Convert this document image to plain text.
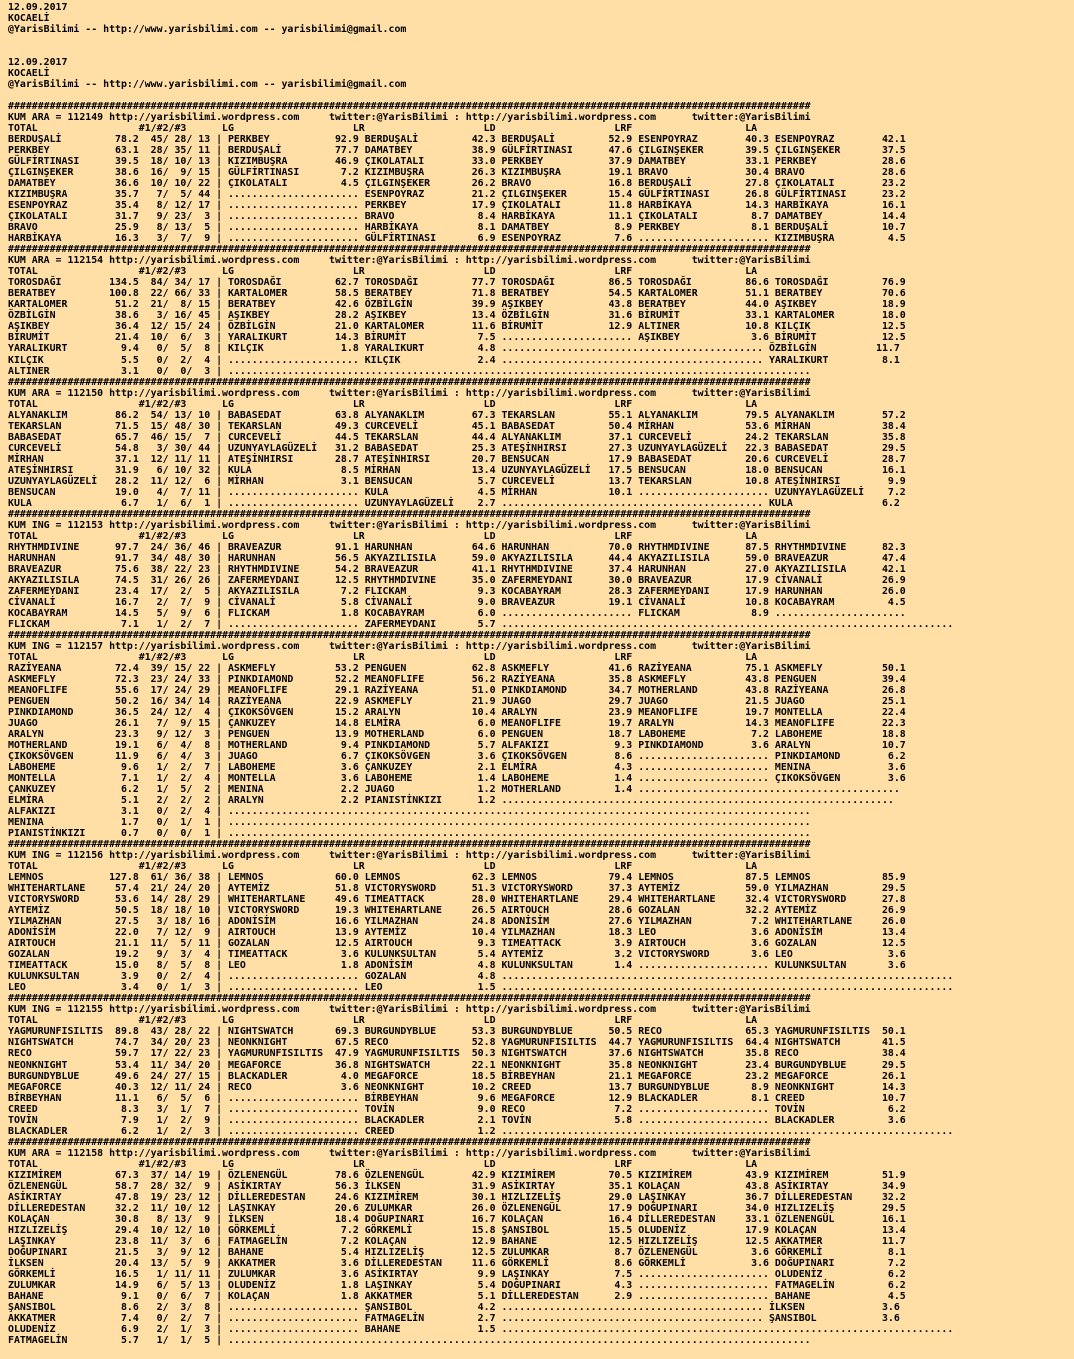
12.09.2017
KOCAELİ
@YarisBilimi -- http://www.yarisbilimi.com -- yarisbilimi@gmail.com

12.09.2017
KOCAELİ
@YarisBilimi -- http://www.yarisbilimi.com -- yarisbilimi@gmail.com

#######################################################################################################################################
KUM ARA = 112149 http://yarisbilimi.wordpress.com     twitter:@YarisBilimi : http://yarisbilimi.wordpress.com      twitter:@YarisBilimi
TOTAL                 #1/#2/#3      LG                    LR                    LD                    LRF                   LA
BERDUŞALİ         78.2  45/ 28/ 13 | PERKBEY           92.9 BERDUŞALİ         42.3 BERDUŞALİ         52.9 ESENPOYRAZ        40.3 ESENPOYRAZ        42.1
PERKBEY           63.1  28/ 35/ 11 | BERDUŞALİ         77.7 DAMATBEY          38.9 GÜLFİRTINASI      47.6 ÇILGINŞEKER       39.5 ÇILGINŞEKER       37.5
GÜLFİRTINASI      39.5  18/ 10/ 13 | KIZIMBUŞRA        46.9 ÇIKOLATALI        33.0 PERKBEY           37.9 DAMATBEY          33.1 PERKBEY           28.6
ÇILGINŞEKER       38.6  16/  9/ 15 | GÜLFİRTINASI       7.2 KIZIMBUŞRA        26.3 KIZIMBUŞRA        19.1 BRAVO             30.4 BRAVO             28.6
DAMATBEY          36.6  10/ 10/ 22 | ÇIKOLATALI         4.5 ÇILGINŞEKER       26.2 BRAVO             16.8 BERDUŞALİ         27.8 ÇIKOLATALI        23.2
KIZIMBUŞRA        35.7   7/  5/ 44 | ...................... ESENPOYRAZ        21.2 ÇILGINŞEKER       15.4 GÜLFİRTINASI      26.8 GÜLFİRTINASI      23.2
ESENPOYRAZ        35.4   8/ 12/ 17 | ...................... PERKBEY           17.9 ÇIKOLATALI        11.8 HARBİKAYA         14.3 HARBİKAYA         16.1
ÇIKOLATALI        31.7   9/ 23/  3 | ...................... BRAVO              8.4 HARBİKAYA         11.1 ÇIKOLATALI         8.7 DAMATBEY          14.4
BRAVO             25.9   8/ 13/  5 | ...................... HARBİKAYA          8.1 DAMATBEY           8.9 PERKBEY            8.1 BERDUŞALİ         10.7
HARBİKAYA         16.3   3/  7/  9 | ...................... GÜLFİRTINASI       6.9 ESENPOYRAZ         7.6 ...................... KIZIMBUŞRA         4.5
#######################################################################################################################################
KUM ARA = 112154 http://yarisbilimi.wordpress.com     twitter:@YarisBilimi : http://yarisbilimi.wordpress.com      twitter:@YarisBilimi
TOTAL                 #1/#2/#3      LG                    LR                    LD                    LRF                   LA
TOROSDAĞI        134.5  84/ 34/ 17 | TOROSDAĞI         62.7 TOROSDAĞI         77.7 TOROSDAĞI         86.5 TOROSDAĞI         86.6 TOROSDAĞI         76.9
BERATBEY         100.8  22/ 66/ 33 | KARTALOMER        58.5 BERATBEY          71.8 BERATBEY          54.5 KARTALOMER        51.1 BERATBEY          70.6
KARTALOMER        51.2  21/  8/ 15 | BERATBEY          42.6 ÖZBİLGİN          39.9 AŞIKBEY           43.8 BERATBEY          44.0 AŞIKBEY           18.9
ÖZBİLGİN          38.6   3/ 16/ 45 | AŞIKBEY           28.2 AŞIKBEY           13.4 ÖZBİLGİN          31.6 BİRUMİT           33.1 KARTALOMER        18.0
AŞIKBEY           36.4  12/ 15/ 24 | ÖZBİLGİN          21.0 KARTALOMER        11.6 BİRUMİT           12.9 ALTINER           10.8 KILÇIK            12.5
BİRUMİT           21.4  10/  6/  3 | YARALIKURT        14.3 BİRUMİT            7.5 ...................... AŞIKBEY            3.6 BİRUMİT           12.5
YARALIKURT         9.4   0/  5/  8 | KILÇIK             1.8 YARALIKURT         4.8 ............................................ ÖZBİLGİN          11.7
KILÇIK             5.5   0/  2/  4 | ...................... KILÇIK             2.4 ............................................ YARALIKURT         8.1
ALTINER            3.1   0/  0/  3 | ..................................................................................................
#######################################################################################################################################
KUM ARA = 112150 http://yarisbilimi.wordpress.com     twitter:@YarisBilimi : http://yarisbilimi.wordpress.com      twitter:@YarisBilimi
TOTAL                 #1/#2/#3      LG                    LR                    LD                    LRF                   LA
ALYANAKLIM        86.2  54/ 13/ 10 | BABASEDAT         63.8 ALYANAKLIM        67.3 TEKARSLAN         55.1 ALYANAKLIM        79.5 ALYANAKLIM        57.2
TEKARSLAN         71.5  15/ 48/ 30 | TEKARSLAN         49.3 CURCEVELİ         45.1 BABASEDAT         50.4 MİRHAN            53.6 MİRHAN            38.4
BABASEDAT         65.7  46/ 15/  7 | CURCEVELİ         44.5 TEKARSLAN         44.4 ALYANAKLIM        37.1 CURCEVELİ         24.2 TEKARSLAN         35.8
CURCEVELİ         54.8   3/ 30/ 44 | UZUNYAYLAGÜZELİ   31.2 BABASEDAT         25.3 ATEŞİNHIRSI       27.3 UZUNYAYLAGÜZELİ   22.3 BABASEDAT         29.5
MİRHAN            37.1  12/ 11/ 11 | ATEŞİNHIRSI       28.7 ATEŞİNHIRSI       20.7 BENSUCAN          17.9 BABASEDAT         20.6 CURCEVELİ         28.7
ATEŞİNHIRSI       31.9   6/ 10/ 32 | KULA               8.5 MİRHAN            13.4 UZUNYAYLAGÜZELİ   17.5 BENSUCAN          18.0 BENSUCAN          16.1
UZUNYAYLAGÜZELİ   28.2  11/ 12/  6 | MİRHAN             3.1 BENSUCAN           5.7 CURCEVELİ         13.7 TEKARSLAN         10.8 ATEŞİNHIRSI        9.9
BENSUCAN          19.0   4/  7/ 11 | ...................... KULA               4.5 MİRHAN            10.1 ...................... UZUNYAYLAGÜZELİ    7.2
KULA               6.7   1/  6/  1 | ...................... UZUNYAYLAGÜZELİ    2.7 ............................................ KULA               6.2
#######################################################################################################################################
KUM ING = 112153 http://yarisbilimi.wordpress.com     twitter:@YarisBilimi : http://yarisbilimi.wordpress.com      twitter:@YarisBilimi
TOTAL                 #1/#2/#3      LG                    LR                    LD                    LRF                   LA
RHYTHMDIVINE      97.7  24/ 36/ 46 | BRAVEAZUR         91.1 HARUNHAN          64.6 HARUNHAN          70.0 RHYTHMDIVINE      87.5 RHYTHMDIVINE      82.3
HARUNHAN          91.7  34/ 48/ 30 | HARUNHAN          56.5 AKYAZILISILA      59.0 AKYAZILISILA      44.4 AKYAZILISILA      59.0 BRAVEAZUR         47.4
BRAVEAZUR         75.6  38/ 22/ 23 | RHYTHMDIVINE      54.2 BRAVEAZUR         41.1 RHYTHMDIVINE      37.4 HARUNHAN          27.0 AKYAZILISILA      42.1
AKYAZILISILA      74.5  31/ 26/ 26 | ZAFERMEYDANI      12.5 RHYTHMDIVINE      35.0 ZAFERMEYDANI      30.0 BRAVEAZUR         17.9 CİVANALİ          26.9
ZAFERMEYDANI      23.4  17/  2/  5 | AKYAZILISILA       7.2 FLICKAM            9.3 KOCABAYRAM        28.3 ZAFERMEYDANI      17.9 HARUNHAN          26.0
CİVANALİ          16.7   2/  7/  9 | CİVANALİ           5.8 CİVANALİ           9.0 BRAVEAZUR         19.1 CİVANALİ          10.8 KOCABAYRAM         4.5
KOCABAYRAM        14.5   5/  9/  6 | FLICKAM            1.8 KOCABAYRAM         6.0 ...................... FLICKAM            8.9 ......................
FLICKAM            7.1   1/  2/  7 | ...................... ZAFERMEYDANI       5.7 ............................................................................
#######################################################################################################################################
KUM ING = 112157 http://yarisbilimi.wordpress.com     twitter:@YarisBilimi : http://yarisbilimi.wordpress.com      twitter:@YarisBilimi
TOTAL                 #1/#2/#3      LG                    LR                    LD                    LRF                   LA
RAZİYEANA         72.4  39/ 15/ 22 | ASKMEFLY          53.2 PENGUEN           62.8 ASKMEFLY          41.6 RAZİYEANA         75.1 ASKMEFLY          50.1
ASKMEFLY          72.3  23/ 24/ 33 | PINKDIAMOND       52.2 MEANOFLIFE        56.2 RAZİYEANA         35.8 ASKMEFLY          43.8 PENGUEN           39.4
MEANOFLIFE        55.6  17/ 24/ 29 | MEANOFLIFE        29.1 RAZİYEANA         51.0 PINKDIAMOND       34.7 MOTHERLAND        43.8 RAZİYEANA         26.8
PENGUEN           50.2  16/ 34/ 14 | RAZİYEANA         22.9 ASKMEFLY          21.9 JUAGO             29.7 JUAGO             21.5 JUAGO             25.1
PINKDIAMOND       36.5  24/ 12/  4 | ÇIKOKSÖVGEN       15.2 ARALYN            10.4 ARALYN            23.9 MEANOFLIFE        19.7 MONTELLA          22.4
JUAGO             26.1   7/  9/ 15 | ÇANKUZEY          14.8 ELMİRA             6.0 MEANOFLIFE        19.7 ARALYN            14.3 MEANOFLIFE        22.3
ARALYN            23.3   9/ 12/  3 | PENGUEN           13.9 MOTHERLAND         6.0 PENGUEN           18.7 LABOHEME           7.2 LABOHEME          18.8
MOTHERLAND        19.1   6/  4/  8 | MOTHERLAND         9.4 PINKDIAMOND        5.7 ALFAKIZI           9.3 PINKDIAMOND        3.6 ARALYN            10.7
ÇIKOKSÖVGEN       11.9   6/  4/  3 | JUAGO              6.7 ÇIKOKSÖVGEN        3.6 ÇIKOKSÖVGEN        8.6 ...................... PINKDIAMOND        6.2
LABOHEME           9.6   1/  2/  7 | LABOHEME           3.6 ÇANKUZEY           2.1 ELMİRA             4.3 ...................... MENINA             3.6
MONTELLA           7.1   1/  2/  4 | MONTELLA           3.6 LABOHEME           1.4 LABOHEME           1.4 ...................... ÇIKOKSÖVGEN        3.6
ÇANKUZEY           6.2   1/  5/  2 | MENINA             2.2 JUAGO              1.2 MOTHERLAND         1.4 ............................................
ELMİRA             5.1   2/  2/  2 | ARALYN             2.2 PIANISTİNKIZI      1.2 ..................................................................
ALFAKIZI           3.1   0/  2/  4 | ..................................................................................................
MENINA             1.7   0/  1/  1 | ..................................................................................................
PIANISTİNKIZI      0.7   0/  0/  1 | ..................................................................................................
#######################################################################################################################################
KUM ING = 112156 http://yarisbilimi.wordpress.com     twitter:@YarisBilimi : http://yarisbilimi.wordpress.com      twitter:@YarisBilimi
TOTAL                 #1/#2/#3      LG                    LR                    LD                    LRF                   LA
LEMNOS           127.8  61/ 36/ 38 | LEMNOS            60.0 LEMNOS            62.3 LEMNOS            79.4 LEMNOS            87.5 LEMNOS            85.9
WHITEHARTLANE     57.4  21/ 24/ 20 | AYTEMİZ           51.8 VICTORYSWORD      51.3 VICTORYSWORD      37.3 AYTEMİZ           59.0 YILMAZHAN         29.5
VICTORYSWORD      53.6  14/ 28/ 29 | WHITEHARTLANE     49.6 TIMEATTACK        28.0 WHITEHARTLANE     29.4 WHITEHARTLANE     32.4 VICTORYSWORD      27.8
AYTEMİZ           50.5  18/ 18/ 10 | VICTORYSWORD      19.3 WHITEHARTLANE     26.5 AIRTOUCH          28.6 GOZALAN           32.2 AYTEMİZ           26.9
YILMAZHAN         27.5   3/ 18/ 16 | ADONİSİM          16.6 YILMAZHAN         24.8 ADONİSİM          27.6 YILMAZHAN          7.2 WHITEHARTLANE     26.0
ADONİSİM          22.0   7/ 12/  9 | AIRTOUCH          13.9 AYTEMİZ           10.4 YILMAZHAN         18.3 LEO                3.6 ADONİSİM          13.4
AIRTOUCH          21.1  11/  5/ 11 | GOZALAN           12.5 AIRTOUCH           9.3 TIMEATTACK         3.9 AIRTOUCH           3.6 GOZALAN           12.5
GOZALAN           19.2   9/  3/  4 | TIMEATTACK         3.6 KULUNKSULTAN       5.4 AYTEMİZ            3.2 VICTORYSWORD       3.6 LEO                3.6
TIMEATTACK        15.0   8/  5/  8 | LEO                1.8 ADONİSİM           4.8 KULUNKSULTAN       1.4 ...................... KULUNKSULTAN       3.6
KULUNKSULTAN       3.9   0/  2/  4 | ...................... GOZALAN            4.8 ............................................................................
LEO                3.4   0/  1/  3 | ...................... LEO                1.5 ............................................................................
#######################################################################################################################################
KUM ING = 112155 http://yarisbilimi.wordpress.com     twitter:@YarisBilimi : http://yarisbilimi.wordpress.com      twitter:@YarisBilimi
TOTAL                 #1/#2/#3      LG                    LR                    LD                    LRF                   LA
YAGMURUNFISILTIS  89.8  43/ 28/ 22 | NIGHTSWATCH       69.3 BURGUNDYBLUE      53.3 BURGUNDYBLUE      50.5 RECO              65.3 YAGMURUNFISILTIS  50.1
NIGHTSWATCH       74.7  34/ 20/ 23 | NEONKNIGHT        67.5 RECO              52.8 YAGMURUNFISILTIS  44.7 YAGMURUNFISILTIS  64.4 NIGHTSWATCH       41.5
RECO              59.7  17/ 22/ 23 | YAGMURUNFISILTIS  47.9 YAGMURUNFISILTIS  50.3 NIGHTSWATCH       37.6 NIGHTSWATCH       35.8 RECO              38.4
NEONKNIGHT        53.4  11/ 34/ 20 | MEGAFORCE         36.8 NIGHTSWATCH       22.1 NEONKNIGHT        35.8 NEONKNIGHT        23.4 BURGUNDYBLUE      29.5
BURGUNDYBLUE      49.6  24/ 27/ 15 | BLACKADLER         4.0 MEGAFORCE         18.5 BİRBEYHAN         21.1 MEGAFORCE         23.2 MEGAFORCE         26.1
MEGAFORCE         40.3  12/ 11/ 24 | RECO               3.6 NEONKNIGHT        10.2 CREED             13.7 BURGUNDYBLUE       8.9 NEONKNIGHT        14.3
BİRBEYHAN         11.1   6/  5/  6 | ...................... BİRBEYHAN          9.6 MEGAFORCE         12.9 BLACKADLER         8.1 CREED             10.7
CREED              8.3   3/  1/  7 | ...................... TOVİN              9.0 RECO               7.2 ...................... TOVİN              6.2
TOVİN              7.9   1/  2/  9 | ...................... BLACKADLER         2.1 TOVİN              5.8 ...................... BLACKADLER         3.6
BLACKADLER         6.2   1/  2/  3 | ...................... CREED              1.2 ............................................................................
#######################################################################################################################################
KUM ARA = 112158 http://yarisbilimi.wordpress.com     twitter:@YarisBilimi : http://yarisbilimi.wordpress.com      twitter:@YarisBilimi
TOTAL                 #1/#2/#3      LG                    LR                    LD                    LRF                   LA
KIZIMİREM         67.3  37/ 14/ 19 | ÖZLENENGÜL        78.6 ÖZLENENGÜL        42.9 KIZIMİREM         70.5 KIZIMİREM         43.9 KIZIMİREM         51.9
ÖZLENENGÜL        58.7  28/ 32/  9 | ASİKIRTAY         56.3 İLKSEN            31.9 ASİKIRTAY         35.1 KOLAÇAN           43.8 ASİKIRTAY         34.9
ASİKIRTAY         47.8  19/ 23/ 12 | DİLLEREDESTAN     24.6 KIZIMİREM         30.1 HIZLIZELİŞ        29.0 LAŞINKAY          36.7 DİLLEREDESTAN     32.2
DİLLEREDESTAN     32.2  11/ 10/ 12 | LAŞINKAY          20.6 ZULUMKAR          26.0 ÖZLENENGÜL        17.9 DOĞUPINARI        34.0 HIZLIZELİŞ        29.5
KOLAÇAN           30.8   8/ 13/  9 | İLKSEN            18.4 DOĞUPINARI        16.7 KOLAÇAN           16.4 DİLLEREDESTAN     33.1 ÖZLENENGÜL        16.1
HIZLIZELİŞ        29.4  10/ 12/ 10 | GÖRKEMLİ           7.2 GÖRKEMLİ          15.8 ŞANSIBOL          15.5 OLUDENİZ          17.9 KOLAÇAN           13.4
LAŞINKAY          23.8  11/  3/  6 | FATMAGELİN         7.2 KOLAÇAN           12.9 BAHANE            12.5 HIZLIZELİŞ        12.5 AKKATMER          11.7
DOĞUPINARI        21.5   3/  9/ 12 | BAHANE             5.4 HIZLIZELİŞ        12.5 ZULUMKAR           8.7 ÖZLENENGÜL         3.6 GÖRKEMLİ           8.1
İLKSEN            20.4  13/  5/  9 | AKKATMER           3.6 DİLLEREDESTAN     11.6 GÖRKEMLİ           8.6 GÖRKEMLİ           3.6 DOĞUPINARI         7.2
GÖRKEMLİ          16.5   1/ 11/ 11 | ZULUMKAR           3.6 ASİKIRTAY          9.9 LAŞINKAY           7.5 ...................... OLUDENİZ           6.2
ZULUMKAR          14.9   6/  5/ 13 | OLUDENİZ           1.8 LAŞINKAY           5.4 DOĞUPINARI         4.3 ...................... FATMAGELİN         6.2
BAHANE             9.1   0/  6/  7 | KOLAÇAN            1.8 AKKATMER           5.1 DİLLEREDESTAN      2.9 ...................... BAHANE             4.5
ŞANSIBOL           8.6   2/  3/  8 | ...................... ŞANSIBOL           4.2 ............................................ İLKSEN             3.6
AKKATMER           7.4   0/  2/  7 | ...................... FATMAGELİN         2.7 ............................................ ŞANSIBOL           3.6
OLUDENİZ           6.9   2/  1/  3 | ...................... BAHANE             1.5 ............................................................................
FATMAGELİN         5.7   1/  1/  5 | ..................................................................................................
